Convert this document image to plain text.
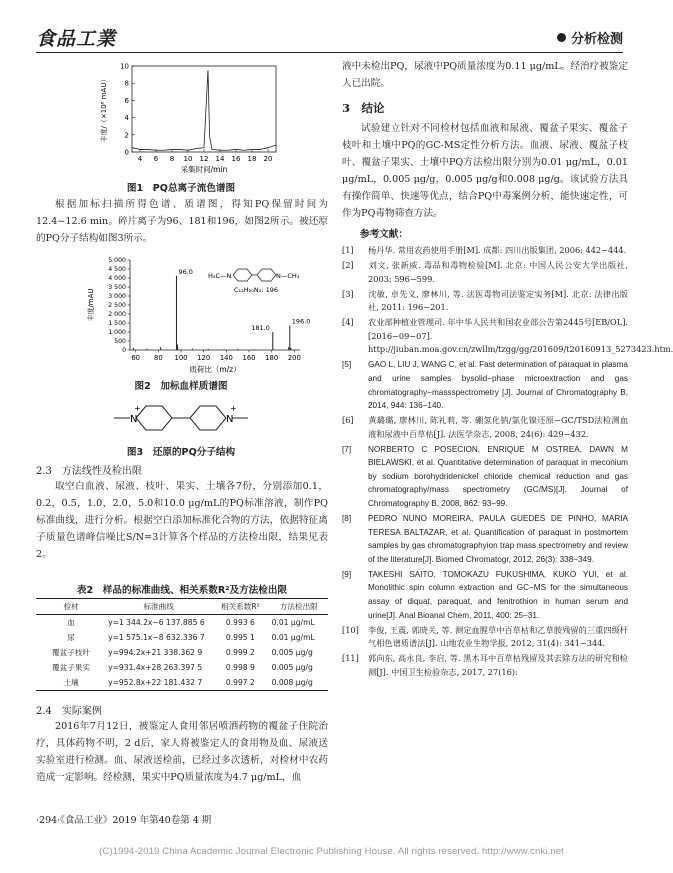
食品工業	分析检测
4 6 8 10 12 14 16 18 20
0
2
4
6
8
10
采集时间/min
丰度/（×10⁶ mAU）
图1　PQ总离子流色谱图
根据加标扫描所得色谱、质谱图，得知PQ保留时间为12.4~12.6 min。碎片离子为96、181和196，如图2所示。被还原的PQ分子结构如图3所示。
60 80 100 120 140 160 180 200
0
500
1 000
1 500
2 000
2 500
3 000
3 500
4 000
4 500
5 000
96.0
181.0
196.0
质荷比（m/z）
丰度/mAU
H₃C—N	N—CH₃
C₁₂H₂₀N₂: 196
图2　加标血样质谱图
N
+
N
+
图3　还原的PQ分子结构
2.3　方法线性及检出限
取空白血液、尿液、枝叶、果实、土壤各7份，分别添加0.1，0.2，0.5，1.0，2.0，5.0和10.0 μg/mL的PQ标准溶液，制作PQ标准曲线，进行分析。根据空白添加标准化合物的方法，依据特征离子质量色谱峰信噪比S/N=3计算各个样品的方法检出限，结果见表2。
表2　样品的标准曲线、相关系数R²及方法检出限
检材	标准曲线	相关系数R²	方法检出限
血	y=1 344.2x−6 137.885 6	0.993 6	0.01 μg/mL
尿	y=1 575.1x−8 632.336 7	0.995 1	0.01 μg/mL
覆盆子枝叶	y=994.2x+21 338.362 9	0.999 2	0.005 μg/g
覆盆子果实	y=931.4x+28 263.397 5	0.998 9	0.005 μg/g
土壤	y=952.8x+22 181.432 7	0.997 2	0.008 μg/g
2.4　实际案例
2016年7月12日，被鉴定人食用邻居喷洒药物的覆盆子住院治疗，具体药物不明，2 d后，家人将被鉴定人的食用物及血、尿液送实验室进行检测。血、尿液送检前，已经过多次透析，对检材中农药造成一定影响。经检测，果实中PQ质量浓度为4.7 μg/mL，血
·294·《食品工业》2019 年第40卷第 4 期
液中未检出PQ，尿液中PQ质量浓度为0.11 μg/mL。经治疗被鉴定人已出院。
3　结论
试验建立针对不同检材包括血液和尿液、覆盆子果实、覆盆子枝叶和土壤中PQ的GC-MS定性分析方法。血液、尿液、覆盆子枝叶、覆盆子果实、土壤中PQ方法检出限分别为0.01 μg/mL，0.01 μg/mL，0.005 μg/g，0.005 μg/g和0.008 μg/g。该试验方法具有操作简单、快速等优点，结合PQ中毒案例分析，能快速定性，可作为PQ毒物筛查方法。
参考文献：
[1] 杨丹华. 常用农药使用手册[M]. 成都: 四川出版集团, 2006: 442−444.
[2] 刘文, 张新威. 毒品和毒物检验[M]. 北京: 中国人民公安大学出版社, 2003: 596−599.
[3] 沈敏, 卓先义, 廖林川, 等. 法医毒物司法鉴定实务[M]. 北京: 法律出版社, 2011: 196−201.
[4] 农业部种植业管理司. 年中华人民共和国农业部公告第2445号[EB/OL]. [2016−09−07]. http://jiuban.moa.gov.cn/zwllm/tzgg/gg/201609/t20160913_5273423.htm.
[5] GAO L, LIU J, WANG C, et al. Fast determination of paraquat in plasma and urine samples bysolid−phase microextraction and gas chromatography−massspectrometry [J]. Journal of Chromatography B, 2014, 944: 136−140.
[6] 黄璐璐, 廖林川, 陈礼莉, 等. 硼氢化钠/氯化镍还原−GC/TSD法检测血液和尿液中百草枯[J]. 法医学杂志, 2008, 24(6): 429−432.
[7] NORBERTO C POSECION, ENRIQUE M OSTREA, DAWN M BIELAWSKI, et al. Quantitative determination of paraquat in meconium by sodium borohydridenickel chloride chemical reduction and gas chromatography/mass spectrometry (GC/MS)[J]. Journal of Chromatography B, 2008, 862: 93−99.
[8] PEDRO NUNO MOREIRA, PAULA GUEDES DE PINHO, MARIA TERESA BALTAZAR, et al. Quantification of paraquat in postmortem samples by gas chromatographyion trap mass spectrometry and review of the literature[J]. Biomed Chromatogr, 2012, 26(3): 338−349.
[9] TAKESHI SAITO, TOMOKAZU FUKUSHIMA, KUKO YUI, et al. Monolithic spin column extraction and GC−MS for the simultaneous assay of diquat, paraquat, and fenitrothion in human serum and urine[J]. Anal Bioanal Chem, 2011, 400: 25−31.
[10] 李俊, 王震, 郭晓关, 等. 测定血腥草中百草枯和乙草胺残留的三重四级杆气相色谱质谱法[J]. 山地农业生物学报, 2012, 31(4): 341−344.
[11] 郭向东, 高永良, 李启, 等. 黑木耳中百草枯残留及其去除方法的研究和检测[J]. 中国卫生检验杂志, 2017, 27(16):
(C)1994-2019 China Academic Journal Electronic Publishing House. All rights reserved. http://www.cnki.net
